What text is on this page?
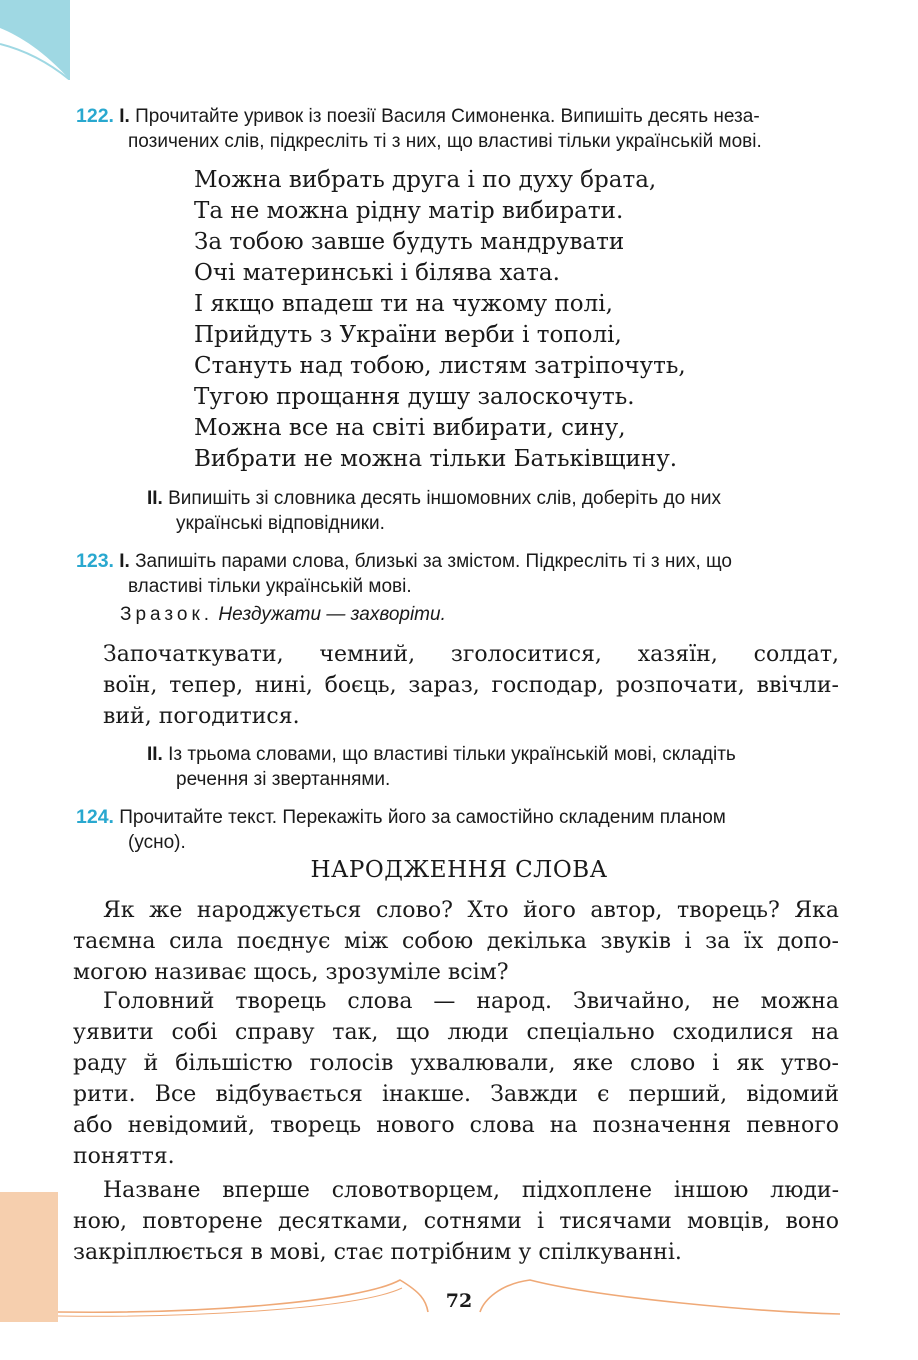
122. I. Прочитайте уривок із поезії Василя Симоненка. Випишіть десять неза-
позичених слів, підкресліть ті з них, що властиві тільки українській мові.
Можна вибрать друга і по духу брата,
Та не можна рідну матір вибирати.
За тобою завше будуть мандрувати
Очі материнські і білява хата.
І якщо впадеш ти на чужому полі,
Прийдуть з України верби і тополі,
Стануть над тобою, листям затріпочуть,
Тугою прощання душу залоскочуть.
Можна все на світі вибирати, сину,
Вибрати не можна тільки Батьківщину.
II. Випишіть зі словника десять іншомовних слів, доберіть до них
українські відповідники.
123. I. Запишіть парами слова, близькі за змістом. Підкресліть ті з них, що
властиві тільки українській мові.
Зразок. Нездужати — захворіти.
Започаткувати, чемний, зголоситися, хазяїн, солдат,
воїн, тепер, нині, боєць, зараз, господар, розпочати, ввічли-
вий, погодитися.
II. Із трьома словами, що властиві тільки українській мові, складіть
речення зі звертаннями.
124. Прочитайте текст. Перекажіть його за самостійно складеним планом
(усно).
НАРОДЖЕННЯ СЛОВА
Як же народжується слово? Хто його автор, творець? Яка
таємна сила поєднує між собою декілька звуків і за їх допо-
могою називає щось, зрозуміле всім?
Головний творець слова — народ. Звичайно, не можна
уявити собі справу так, що люди спеціально сходилися на
раду й більшістю голосів ухвалювали, яке слово і як утво-
рити. Все відбувається інакше. Завжди є перший, відомий
або невідомий, творець нового слова на позначення певного
поняття.
Назване вперше словотворцем, підхоплене іншою люди-
ною, повторене десятками, сотнями і тисячами мовців, воно
закріплюється в мові, стає потрібним у спілкуванні.
72
